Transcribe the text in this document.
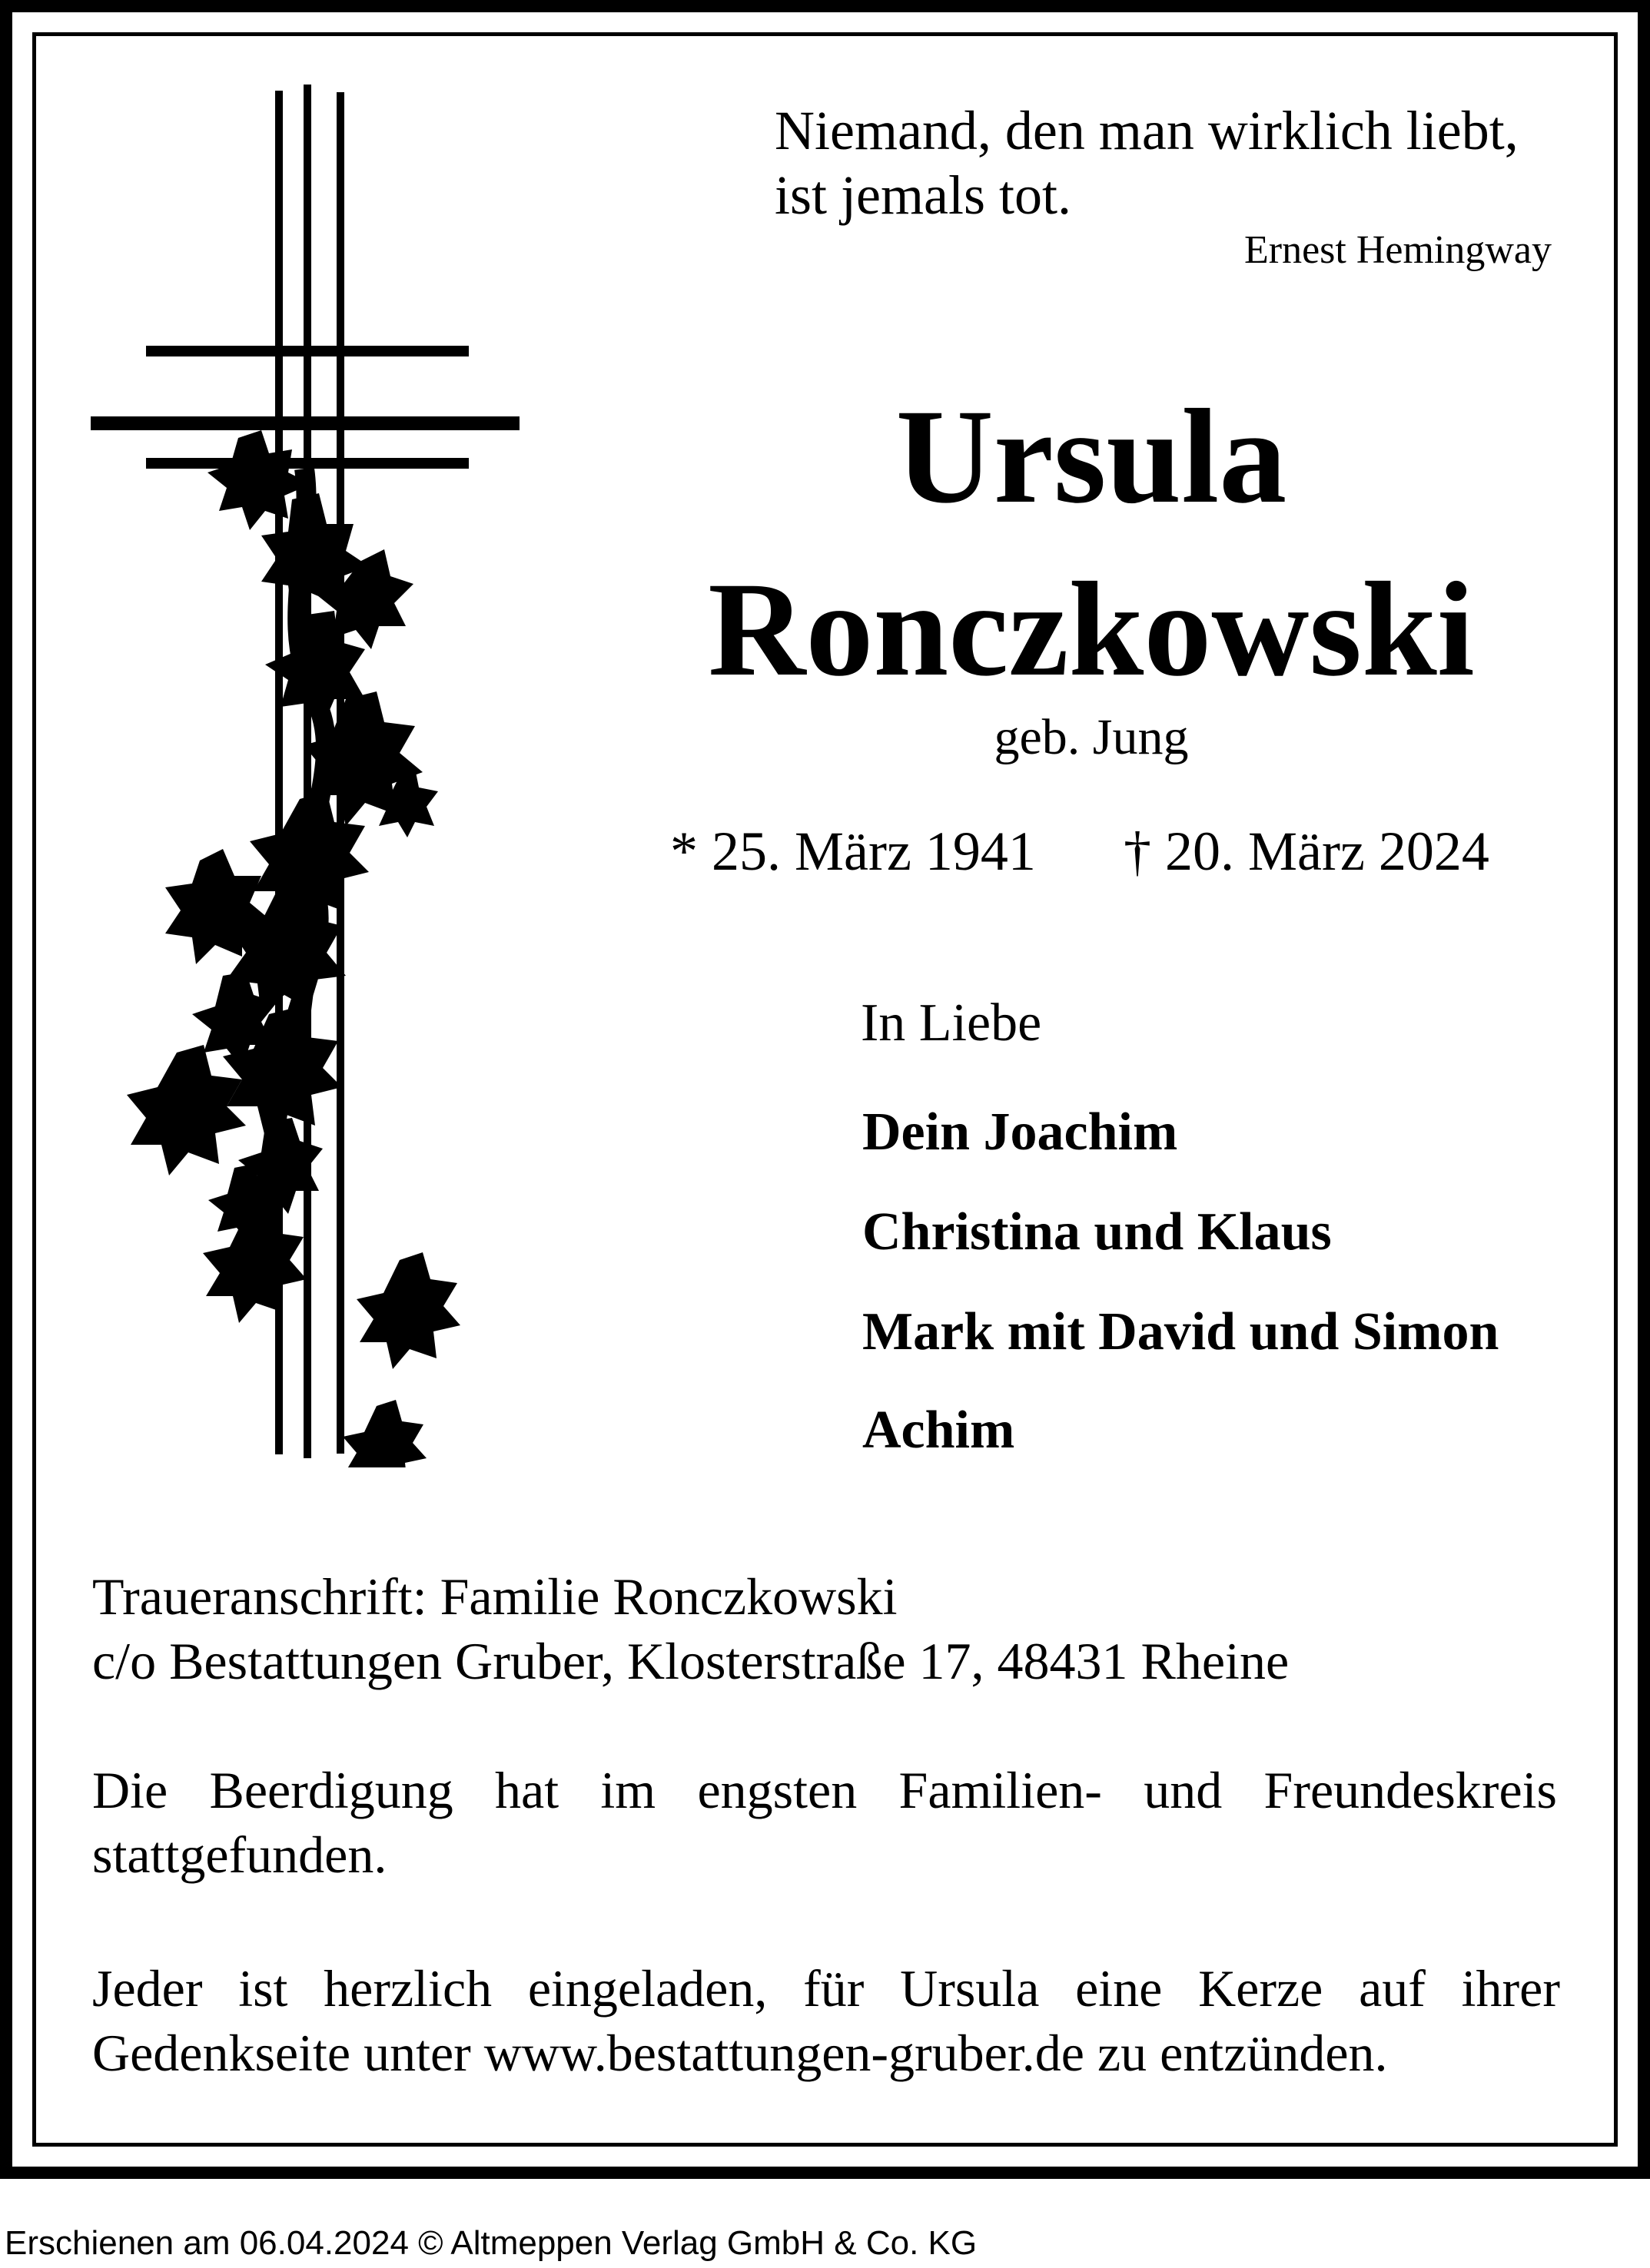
Niemand, den man wirklich liebt,

ist jemals tot.

Ernest Hemingway

Ursula
Ronczkowski

geb. Jung

* 25. März 1941 † 20. März 2024

In Liebe

Dein Joachim

Christina und Klaus

Mark mit David und Simon

Achim

Traueranschrift: Familie Ronczkowski

c/o Bestattungen Gruber, Klosterstraße 17, 48431 Rheine

Die Beerdigung hat im engsten Familien- und Freundeskreis

stattgefunden.

Jeder ist herzlich eingeladen, für Ursula eine Kerze auf ihrer

Gedenkseite unter www.bestattungen-gruber.de zu entzünden.

Erschienen am 06.04.2024 © Altmeppen Verlag GmbH & Co. KG
